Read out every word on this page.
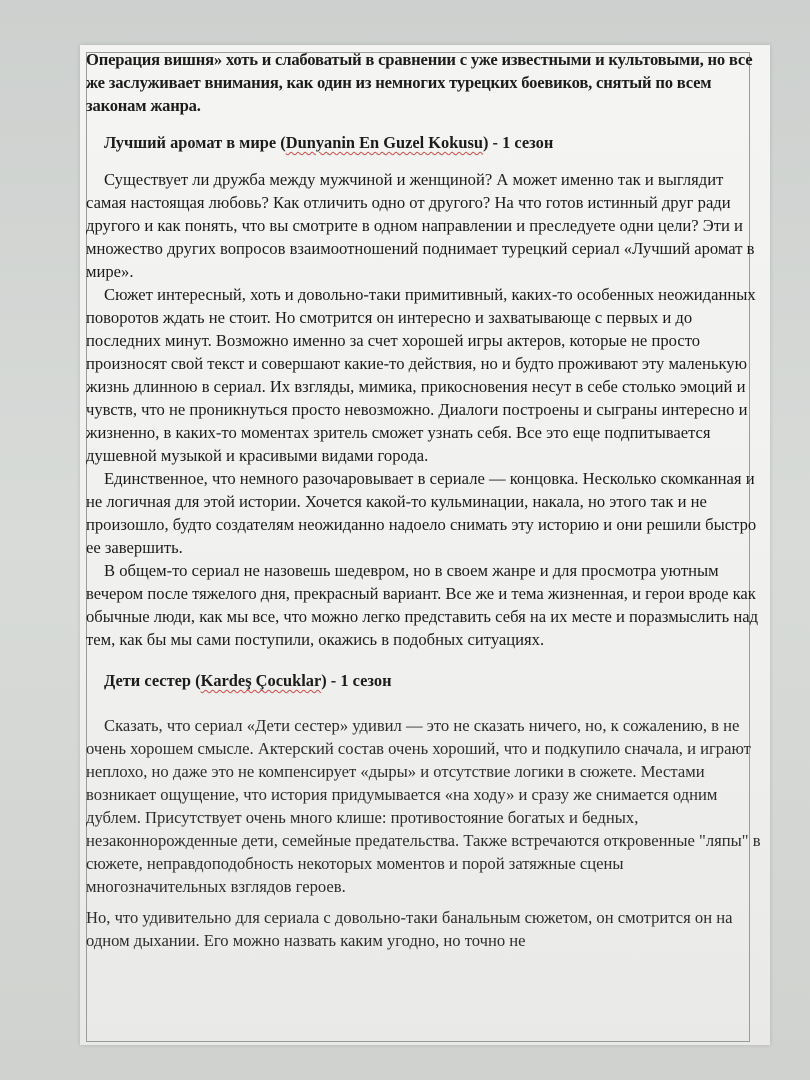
Операция вишня» хоть и слабоватый в сравнении с уже известными и культовыми, но все же заслуживает внимания, как один из немногих турецких боевиков, снятый по всем законам жанра.

Лучший аромат в мире (Dunyanin En Guzel Kokusu) - 1 сезон

Существует ли дружба между мужчиной и женщиной? А может именно так и выглядит самая настоящая любовь? Как отличить одно от другого? На что готов истинный друг ради другого и как понять, что вы смотрите в одном направлении и преследуете одни цели? Эти и множество других вопросов взаимоотношений поднимает турецкий сериал «Лучший аромат в мире».

Сюжет интересный, хоть и довольно-таки примитивный, каких-то особенных неожиданных поворотов ждать не стоит. Но смотрится он интересно и захватывающе с первых и до последних минут. Возможно именно за счет хорошей игры актеров, которые не просто произносят свой текст и совершают какие-то действия, но и будто проживают эту маленькую жизнь длинною в сериал. Их взгляды, мимика, прикосновения несут в себе столько эмоций и чувств, что не проникнуться просто невозможно. Диалоги построены и сыграны интересно и жизненно, в каких-то моментах зритель сможет узнать себя. Все это еще подпитывается душевной музыкой и красивыми видами города.

Единственное, что немного разочаровывает в сериале — концовка. Несколько скомканная и не логичная для этой истории. Хочется какой-то кульминации, накала, но этого так и не произошло, будто создателям неожиданно надоело снимать эту историю и они решили быстро ее завершить.

В общем-то сериал не назовешь шедевром, но в своем жанре и для просмотра уютным вечером после тяжелого дня, прекрасный вариант. Все же и тема жизненная, и герои вроде как обычные люди, как мы все, что можно легко представить себя на их месте и поразмыслить над тем, как бы мы сами поступили, окажись в подобных ситуациях.

Дети сестер (Kardeş Çocuklar) - 1 сезон

Сказать, что сериал «Дети сестер» удивил — это не сказать ничего, но, к сожалению, в не очень хорошем смысле. Актерский состав очень хороший, что и подкупило сначала, и играют неплохо, но даже это не компенсирует «дыры» и отсутствие логики в сюжете. Местами возникает ощущение, что история придумывается «на ходу» и сразу же снимается одним дублем. Присутствует очень много клише: противостояние богатых и бедных, незаконнорожденные дети, семейные предательства. Также встречаются откровенные "ляпы" в сюжете, неправдоподобность некоторых моментов и порой затяжные сцены многозначительных взглядов героев.

Но, что удивительно для сериала с довольно-таки банальным сюжетом, он смотрится он на одном дыхании. Его можно назвать каким угодно, но точно не
